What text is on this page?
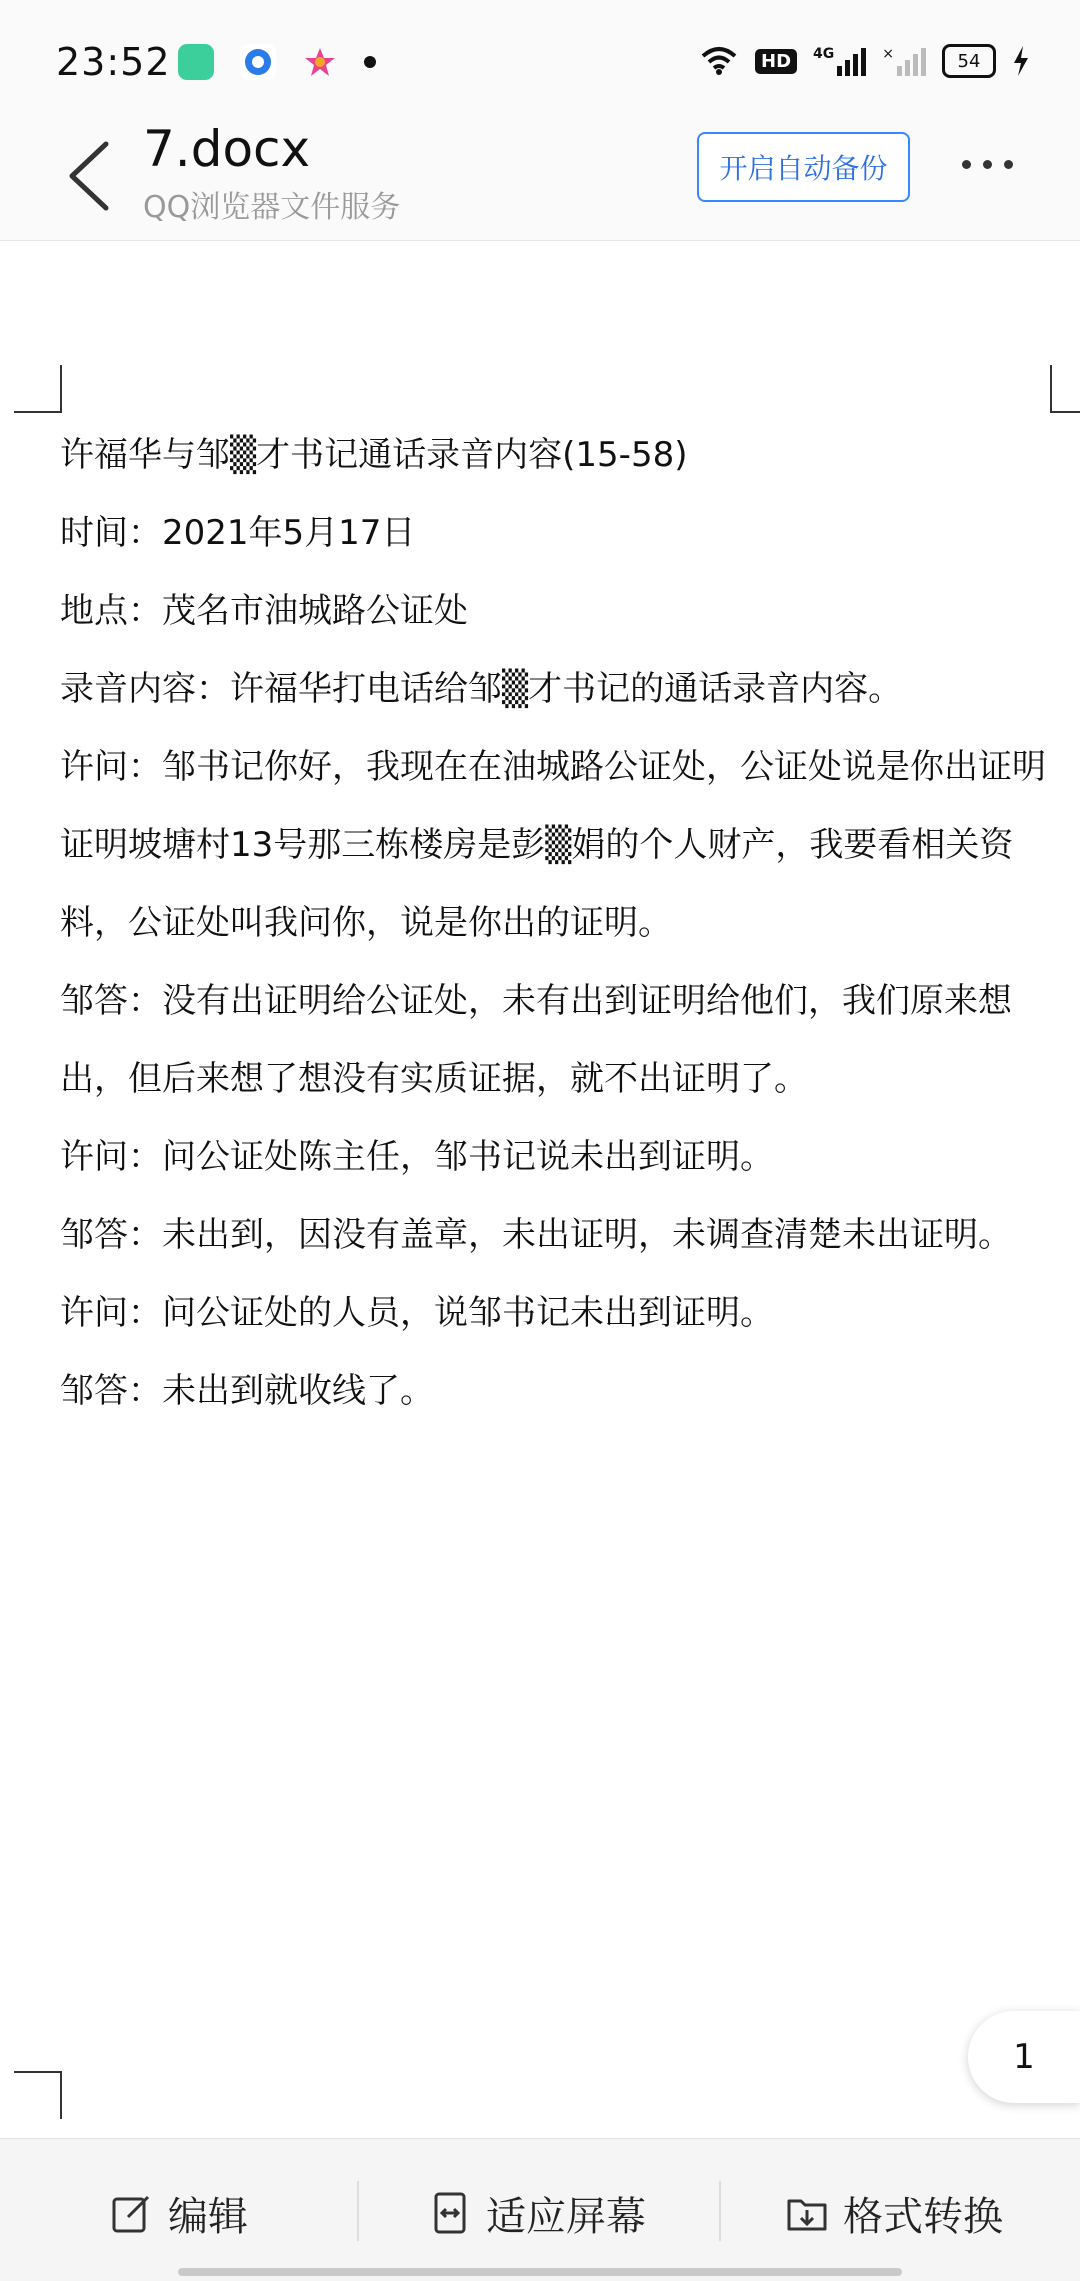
23:52	HD	4G	×	54
7.docx
QQ浏览器文件服务
开启自动备份

许福华与邹▒才书记通话录音内容(15-58)

时间：2021年5月17日

地点：茂名市油城路公证处

录音内容：许福华打电话给邹▒才书记的通话录音内容。

许问：邹书记你好，我现在在油城路公证处，公证处说是你出证明证明坡塘村13号那三栋楼房是彭▒娟的个人财产，我要看相关资料，公证处叫我问你，说是你出的证明。

邹答：没有出证明给公证处，未有出到证明给他们，我们原来想出，但后来想了想没有实质证据，就不出证明了。

许问：问公证处陈主任，邹书记说未出到证明。

邹答：未出到，因没有盖章，未出证明，未调查清楚未出证明。

许问：问公证处的人员，说邹书记未出到证明。

邹答：未出到就收线了。

1
编辑	适应屏幕	格式转换
